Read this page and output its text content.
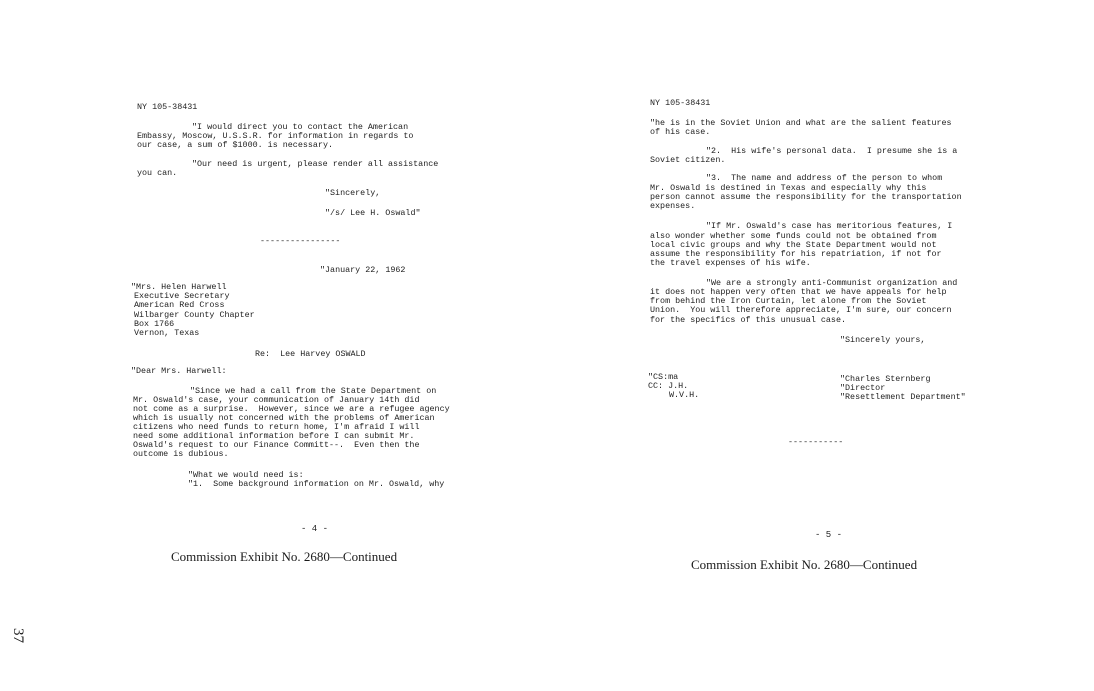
NY 105-38431
"I would direct you to contact the American
Embassy, Moscow, U.S.S.R. for information in regards to
our case, a sum of $1000. is necessary.
"Our need is urgent, please render all assistance
you can.
"Sincerely,
"/s/ Lee H. Oswald"
----------------
"January 22, 1962
"Mrs. Helen Harwell
Executive Secretary
American Red Cross
Wilbarger County Chapter
Box 1766
Vernon, Texas
Re:  Lee Harvey OSWALD
"Dear Mrs. Harwell:
"Since we had a call from the State Department on
Mr. Oswald's case, your communication of January 14th did
not come as a surprise.  However, since we are a refugee agency
which is usually not concerned with the problems of American
citizens who need funds to return home, I'm afraid I will
need some additional information before I can submit Mr.
Oswald's request to our Finance Committ--.  Even then the
outcome is dubious.
"What we would need is:
"1.  Some background information on Mr. Oswald, why
- 4 -
Commission Exhibit No. 2680—Continued
37
NY 105-38431
"he is in the Soviet Union and what are the salient features
of his case.
"2.  His wife's personal data.  I presume she is a
Soviet citizen.
"3.  The name and address of the person to whom
Mr. Oswald is destined in Texas and especially why this
person cannot assume the responsibility for the transportation
expenses.
"If Mr. Oswald's case has meritorious features, I
also wonder whether some funds could not be obtained from
local civic groups and why the State Department would not
assume the responsibility for his repatriation, if not for
the travel expenses of his wife.
"We are a strongly anti-Communist organization and
it does not happen very often that we have appeals for help
from behind the Iron Curtain, let alone from the Soviet
Union.  You will therefore appreciate, I'm sure, our concern
for the specifics of this unusual case.
"Sincerely yours,
"CS:ma
CC: J.H.
W.V.H.
"Charles Sternberg
"Director
"Resettlement Department"
-----------
- 5 -
Commission Exhibit No. 2680—Continued
